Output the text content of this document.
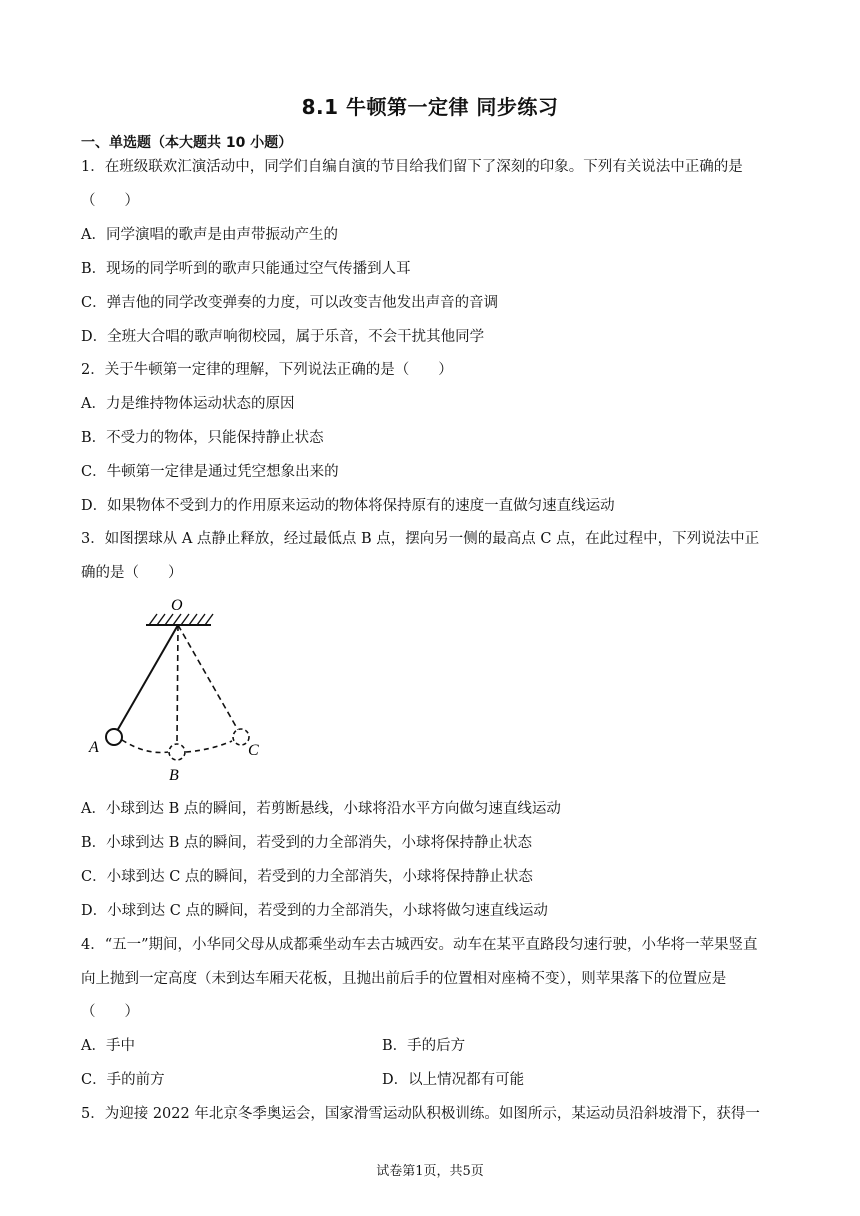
8.1 牛顿第一定律 同步练习
一、单选题（本大题共 10 小题）
1．在班级联欢汇演活动中，同学们自编自演的节目给我们留下了深刻的印象。下列有关说法中正确的是
（　　）
A．同学演唱的歌声是由声带振动产生的
B．现场的同学听到的歌声只能通过空气传播到人耳
C．弹吉他的同学改变弹奏的力度，可以改变吉他发出声音的音调
D．全班大合唱的歌声响彻校园，属于乐音，不会干扰其他同学
2．关于牛顿第一定律的理解，下列说法正确的是（　　）
A．力是维持物体运动状态的原因
B．不受力的物体，只能保持静止状态
C．牛顿第一定律是通过凭空想象出来的
D．如果物体不受到力的作用原来运动的物体将保持原有的速度一直做匀速直线运动
3．如图摆球从 A 点静止释放，经过最低点 B 点，摆向另一侧的最高点 C 点，在此过程中，下列说法中正
确的是（　　）
O
A
B
C
A．小球到达 B 点的瞬间，若剪断悬线，小球将沿水平方向做匀速直线运动
B．小球到达 B 点的瞬间，若受到的力全部消失，小球将保持静止状态
C．小球到达 C 点的瞬间，若受到的力全部消失，小球将保持静止状态
D．小球到达 C 点的瞬间，若受到的力全部消失，小球将做匀速直线运动
4．“五一”期间，小华同父母从成都乘坐动车去古城西安。动车在某平直路段匀速行驶，小华将一苹果竖直
向上抛到一定高度（未到达车厢天花板，且抛出前后手的位置相对座椅不变），则苹果落下的位置应是
（　　）
A．手中	B．手的后方
C．手的前方	D．以上情况都有可能
5．为迎接 2022 年北京冬季奥运会，国家滑雪运动队积极训练。如图所示，某运动员沿斜坡滑下，获得一
试卷第1页，共5页
